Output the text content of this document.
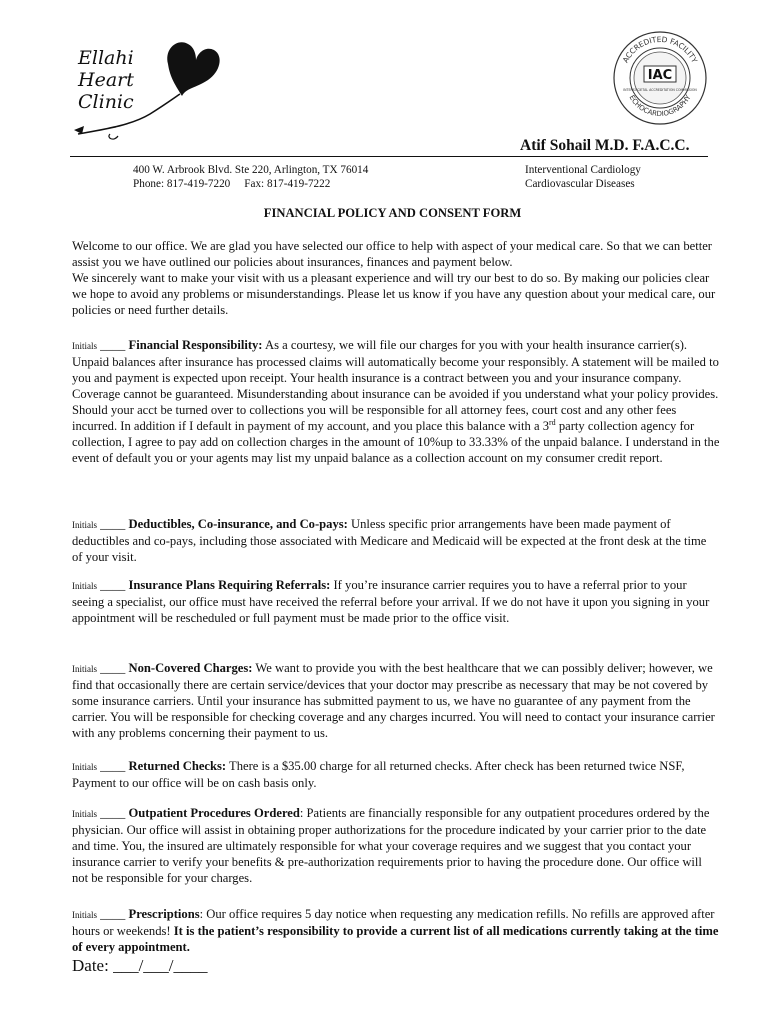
Ellahi
Heart
Clinic
ACCREDITED FACILITY
ECHOCARDIOGRAPHY
IAC
INTERSOCIETAL ACCREDITATION COMMISSION
Atif Sohail M.D. F.A.C.C.
400 W. Arbrook Blvd. Ste 220, Arlington, TX 76014
Phone: 817-419-7220 Fax: 817-419-7222
Interventional Cardiology
Cardiovascular Diseases
FINANCIAL POLICY AND CONSENT FORM
Welcome to our office. We are glad you have selected our office to help with aspect of your medical care. So that we can better assist you we have outlined our policies about insurances, finances and payment below.
We sincerely want to make your visit with us a pleasant experience and will try our best to do so. By making our policies clear we hope to avoid any problems or misunderstandings. Please let us know if you have any question about your medical care, our policies or need further details.
Initials ____ Financial Responsibility: As a courtesy, we will file our charges for you with your health insurance carrier(s). Unpaid balances after insurance has processed claims will automatically become your responsibly. A statement will be mailed to you and payment is expected upon receipt. Your health insurance is a contract between you and your insurance company. Coverage cannot be guaranteed. Misunderstanding about insurance can be avoided if you understand what your policy provides. Should your acct be turned over to collections you will be responsible for all attorney fees, court cost and any other fees incurred. In addition if I default in payment of my account, and you place this balance with a 3rd party collection agency for collection, I agree to pay add on collection charges in the amount of 10%up to 33.33% of the unpaid balance. I understand in the event of default you or your agents may list my unpaid balance as a collection account on my consumer credit report.
Initials ____ Deductibles, Co-insurance, and Co-pays: Unless specific prior arrangements have been made payment of deductibles and co-pays, including those associated with Medicare and Medicaid will be expected at the front desk at the time of your visit.
Initials ____ Insurance Plans Requiring Referrals: If you’re insurance carrier requires you to have a referral prior to your seeing a specialist, our office must have received the referral before your arrival. If we do not have it upon you signing in your appointment will be rescheduled or full payment must be made prior to the office visit.
Initials ____ Non-Covered Charges: We want to provide you with the best healthcare that we can possibly deliver; however, we find that occasionally there are certain service/devices that your doctor may prescribe as necessary that may be not covered by some insurance carriers. Until your insurance has submitted payment to us, we have no guarantee of any payment from the carrier. You will be responsible for checking coverage and any charges incurred. You will need to contact your insurance carrier with any problems concerning their payment to us.
Initials ____ Returned Checks: There is a $35.00 charge for all returned checks. After check has been returned twice NSF, Payment to our office will be on cash basis only.
Initials ____ Outpatient Procedures Ordered: Patients are financially responsible for any outpatient procedures ordered by the physician. Our office will assist in obtaining proper authorizations for the procedure indicated by your carrier prior to the date and time. You, the insured are ultimately responsible for what your coverage requires and we suggest that you contact your insurance carrier to verify your benefits & pre-authorization requirements prior to having the procedure done. Our office will not be responsible for your charges.
Initials ____ Prescriptions: Our office requires 5 day notice when requesting any medication refills. No refills are approved after hours or weekends! It is the patient’s responsibility to provide a current list of all medications currently taking at the time of every appointment.
Date: ___/___/____
